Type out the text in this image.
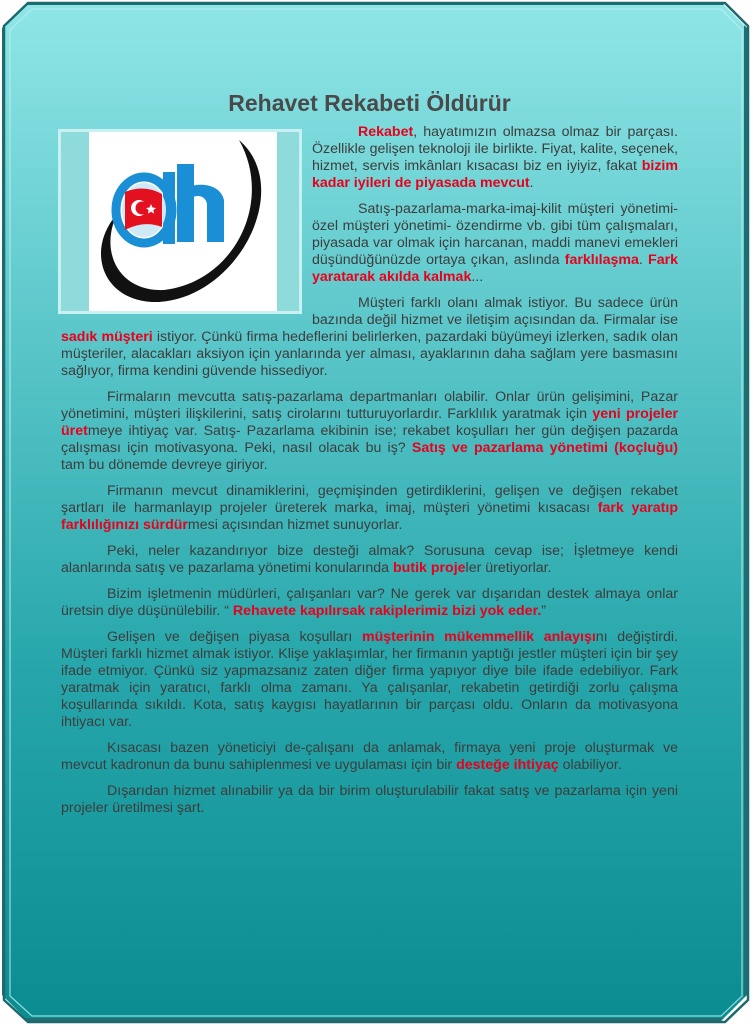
Rehavet Rekabeti Öldürür

Rekabet, hayatımızın olmazsa olmaz bir parçası. Özellikle gelişen teknoloji ile birlikte. Fiyat, kalite, seçenek, hizmet, servis imkânları kısacası biz en iyiyiz, fakat bizim kadar iyileri de piyasada mevcut.

Satış-pazarlama-marka-imaj-kilit müşteri yönetimi-özel müşteri yönetimi- özendirme vb. gibi tüm çalışmaları, piyasada var olmak için harcanan, maddi manevi emekleri düşündüğünüzde ortaya çıkan, aslında farklılaşma. Fark yaratarak akılda kalmak...

Müşteri farklı olanı almak istiyor. Bu sadece ürün bazında değil hizmet ve iletişim açısından da. Firmalar ise sadık müşteri istiyor. Çünkü firma hedeflerini belirlerken, pazardaki büyümeyi izlerken, sadık olan müşteriler, alacakları aksiyon için yanlarında yer alması, ayaklarının daha sağlam yere basmasını sağlıyor, firma kendini güvende hissediyor.

Firmaların mevcutta satış-pazarlama departmanları olabilir. Onlar ürün gelişimini, Pazar yönetimini, müşteri ilişkilerini, satış cirolarını tutturuyorlardır. Farklılık yaratmak için yeni projeler üretmeye ihtiyaç var. Satış- Pazarlama ekibinin ise; rekabet koşulları her gün değişen pazarda çalışması için motivasyona. Peki, nasıl olacak bu iş? Satış ve pazarlama yönetimi (koçluğu) tam bu dönemde devreye giriyor.

Firmanın mevcut dinamiklerini, geçmişinden getirdiklerini, gelişen ve değişen rekabet şartları ile harmanlayıp projeler üreterek marka, imaj, müşteri yönetimi kısacası fark yaratıp farklılığınızı sürdürmesi açısından hizmet sunuyorlar.

Peki, neler kazandırıyor bize desteği almak? Sorusuna cevap ise; İşletmeye kendi alanlarında satış ve pazarlama yönetimi konularında butik projeler üretiyorlar.

Bizim işletmenin müdürleri, çalışanları var? Ne gerek var dışarıdan destek almaya onlar üretsin diye düşünülebilir. “ Rehavete kapılırsak rakiplerimiz bizi yok eder.”

Gelişen ve değişen piyasa koşulları müşterinin mükemmellik anlayışını değiştirdi. Müşteri farklı hizmet almak istiyor. Klişe yaklaşımlar, her firmanın yaptığı jestler müşteri için bir şey ifade etmiyor. Çünkü siz yapmazsanız zaten diğer firma yapıyor diye bile ifade edebiliyor. Fark yaratmak için yaratıcı, farklı olma zamanı. Ya çalışanlar, rekabetin getirdiği zorlu çalışma koşullarında sıkıldı. Kota, satış kaygısı hayatlarının bir parçası oldu. Onların da motivasyona ihtiyacı var.

Kısacası bazen yöneticiyi de-çalışanı da anlamak, firmaya yeni proje oluşturmak ve mevcut kadronun da bunu sahiplenmesi ve uygulaması için bir desteğe ihtiyaç olabiliyor.

Dışarıdan hizmet alınabilir ya da bir birim oluşturulabilir fakat satış ve pazarlama için yeni projeler üretilmesi şart.
